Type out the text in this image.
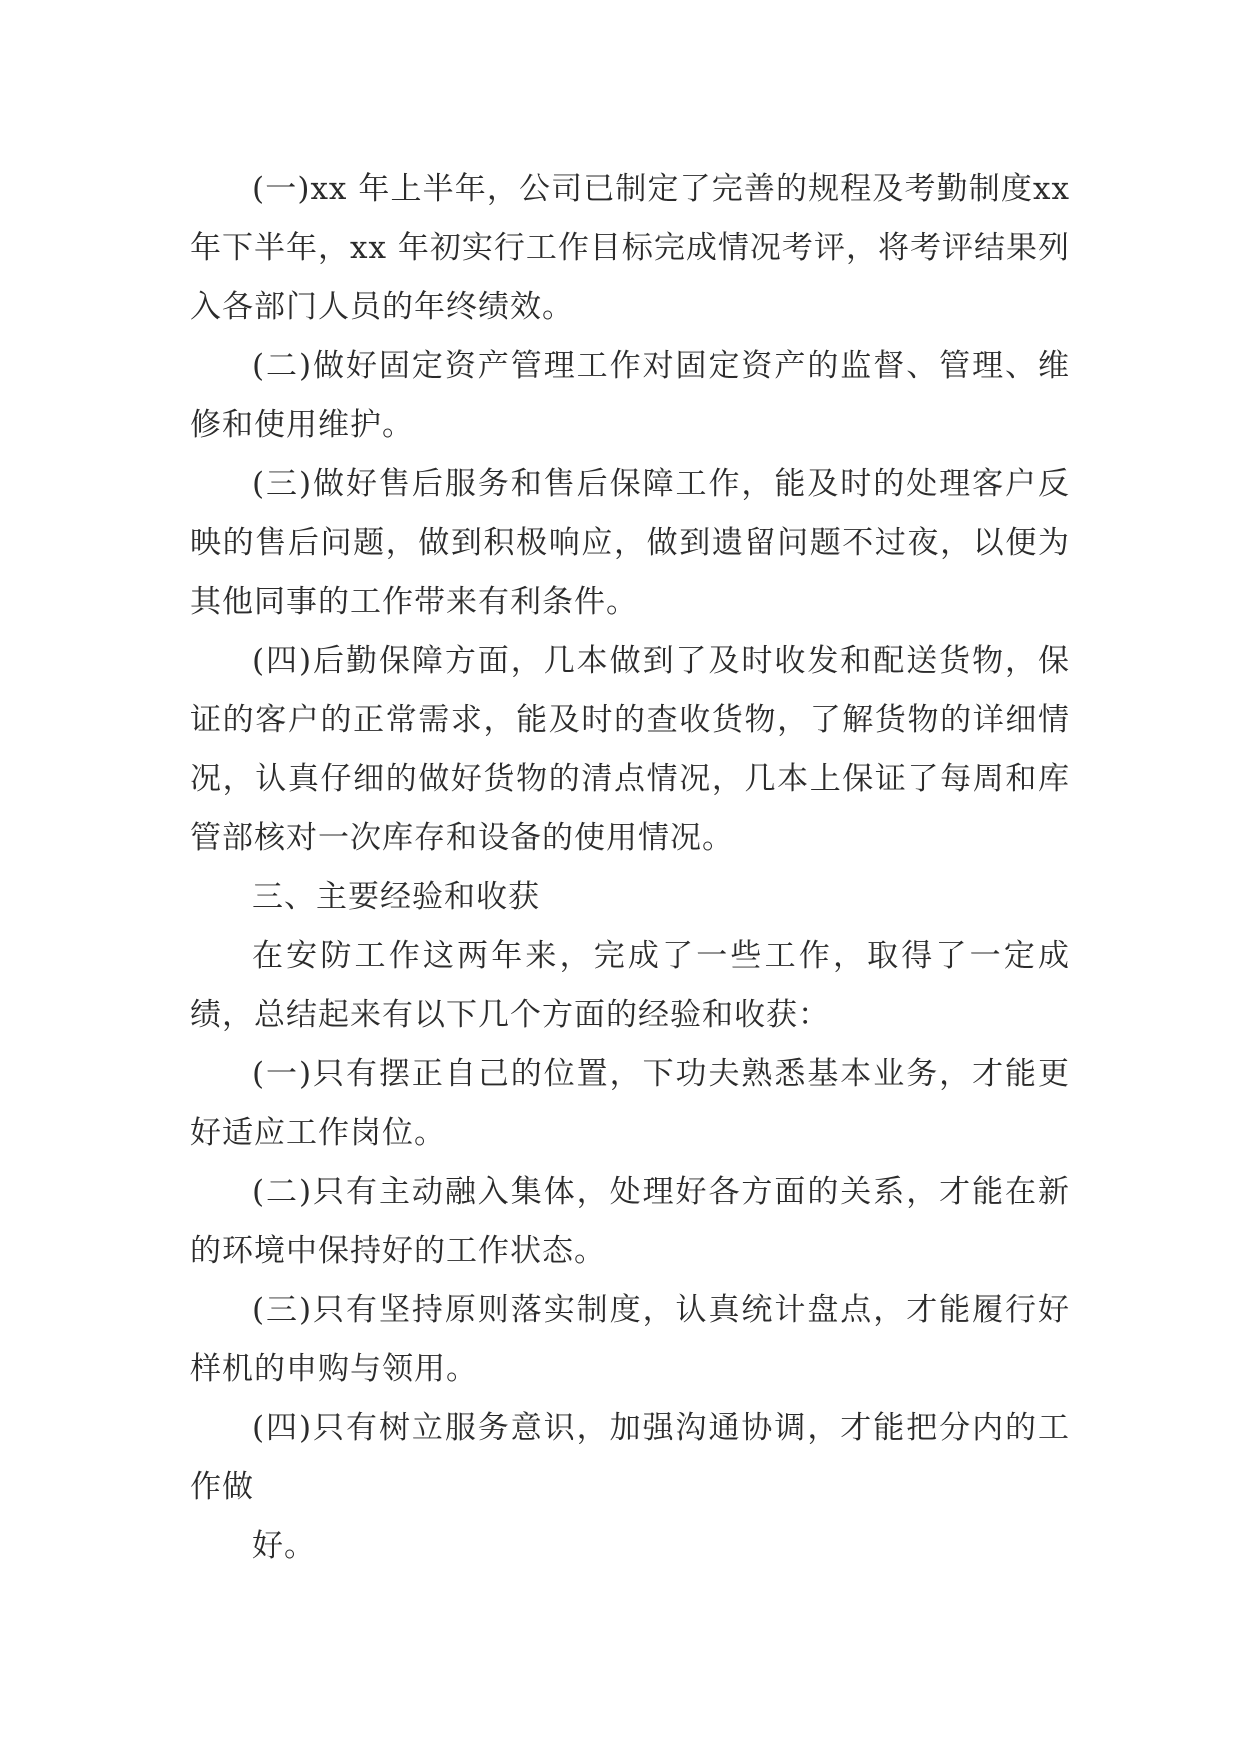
(一)xx 年上半年，公司已制定了完善的规程及考勤制度xx 年下半年，xx 年初实行工作目标完成情况考评，将考评结果列入各部门人员的年终绩效。

(二)做好固定资产管理工作对固定资产的监督、管理、维修和使用维护。

(三)做好售后服务和售后保障工作，能及时的处理客户反映的售后问题，做到积极响应，做到遗留问题不过夜，以便为其他同事的工作带来有利条件。

(四)后勤保障方面，几本做到了及时收发和配送货物，保证的客户的正常需求，能及时的查收货物，了解货物的详细情况，认真仔细的做好货物的清点情况，几本上保证了每周和库管部核对一次库存和设备的使用情况。

三、主要经验和收获

在安防工作这两年来，完成了一些工作，取得了一定成绩，总结起来有以下几个方面的经验和收获：

(一)只有摆正自己的位置，下功夫熟悉基本业务，才能更好适应工作岗位。

(二)只有主动融入集体，处理好各方面的关系，才能在新的环境中保持好的工作状态。

(三)只有坚持原则落实制度，认真统计盘点，才能履行好样机的申购与领用。

(四)只有树立服务意识，加强沟通协调，才能把分内的工作做

好。
